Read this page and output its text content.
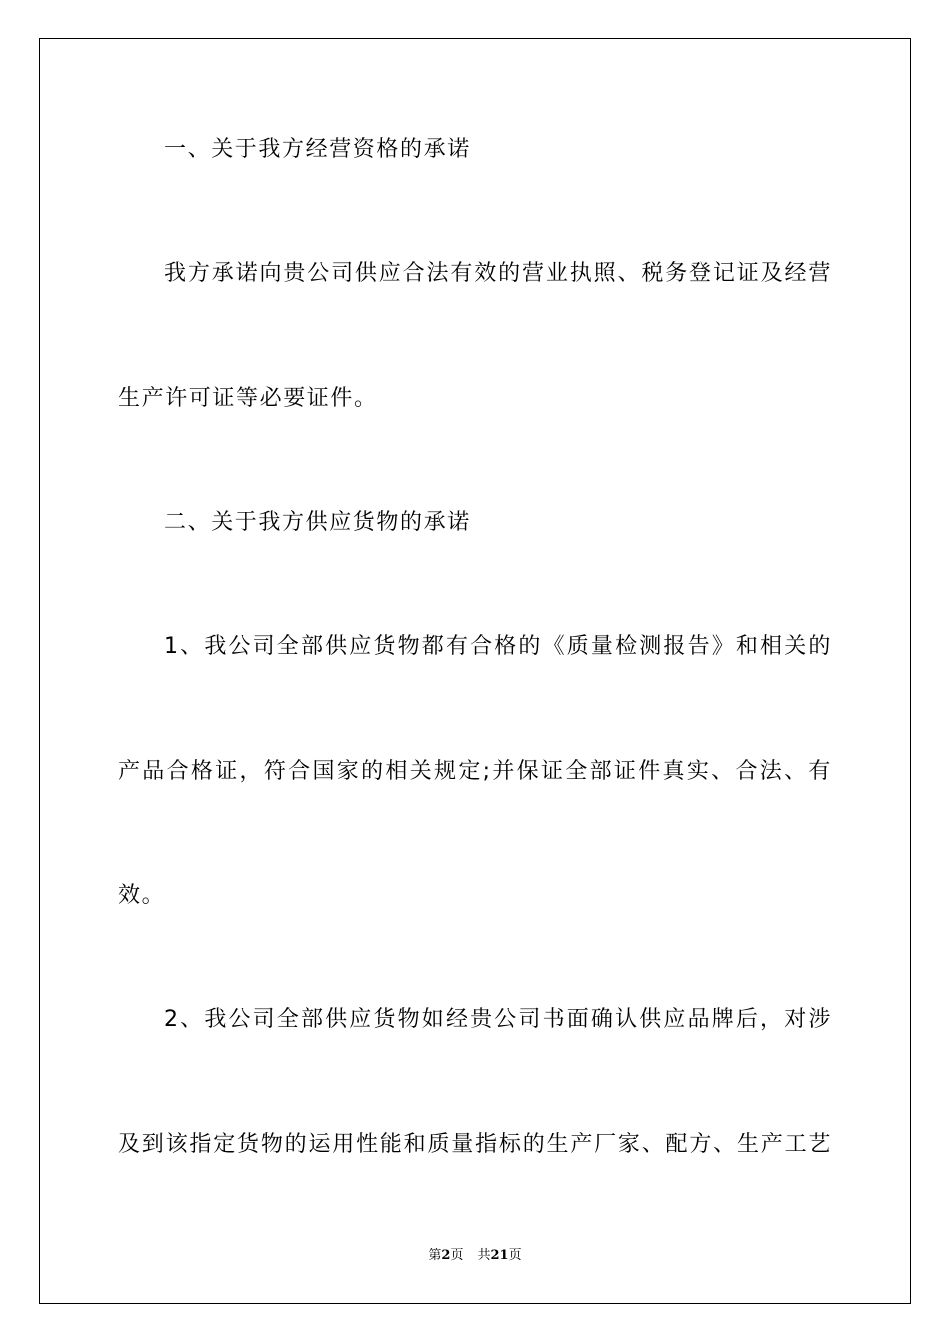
一、关于我方经营资格的承诺
我方承诺向贵公司供应合法有效的营业执照、税务登记证及经营
生产许可证等必要证件。
二、关于我方供应货物的承诺
1、我公司全部供应货物都有合格的《质量检测报告》和相关的
产品合格证，符合国家的相关规定;并保证全部证件真实、合法、有
效。
2、我公司全部供应货物如经贵公司书面确认供应品牌后，对涉
及到该指定货物的运用性能和质量指标的生产厂家、配方、生产工艺
第2页 共21页
